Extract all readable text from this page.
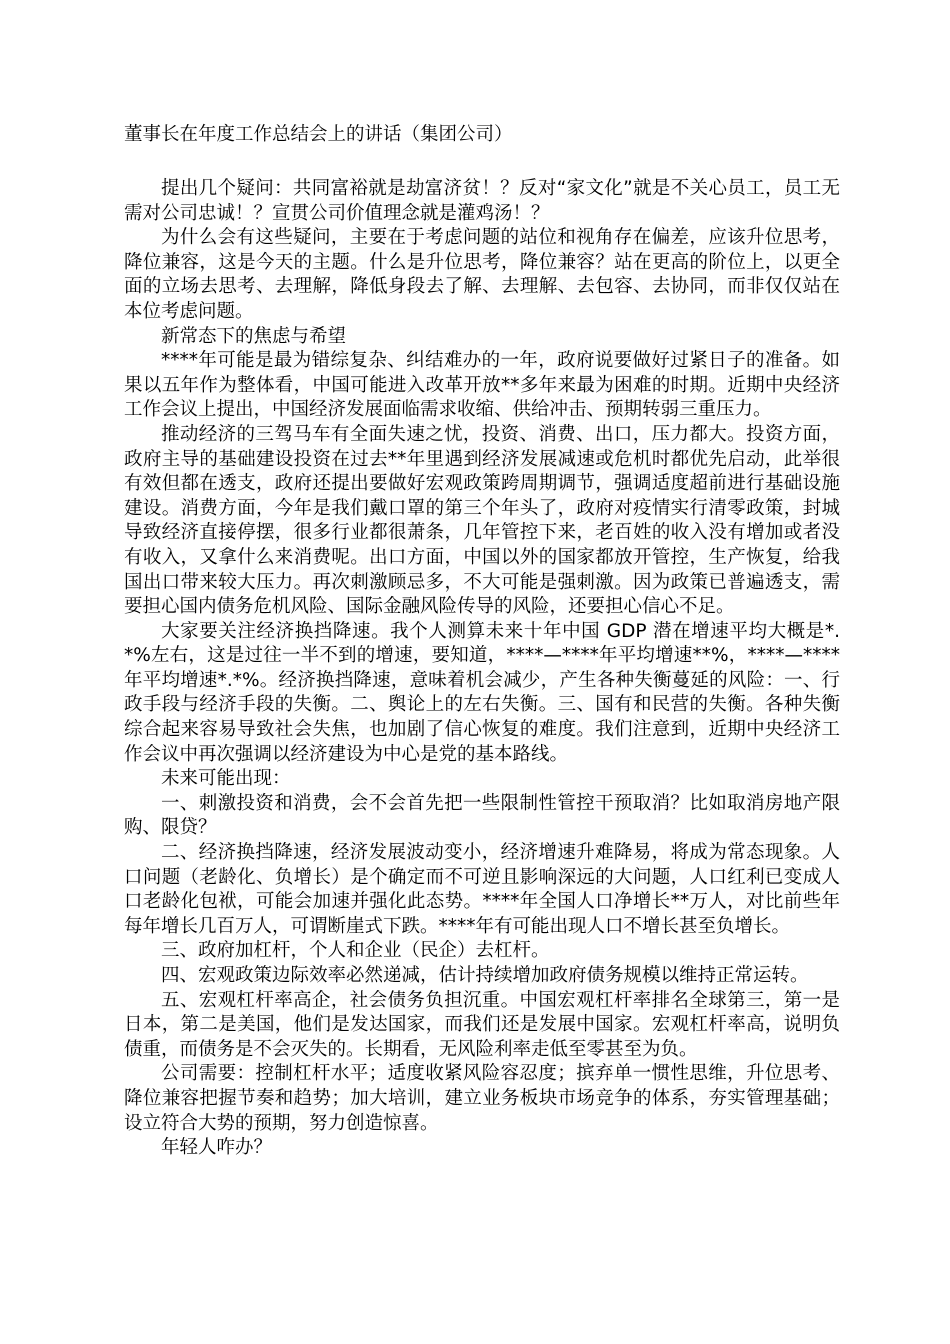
董事长在年度工作总结会上的讲话（集团公司）

提出几个疑问：共同富裕就是劫富济贫！？反对“家文化”就是不关心员工，员工无需对公司忠诚！？宣贯公司价值理念就是灌鸡汤！？

为什么会有这些疑问，主要在于考虑问题的站位和视角存在偏差，应该升位思考，降位兼容，这是今天的主题。什么是升位思考，降位兼容？站在更高的阶位上，以更全面的立场去思考、去理解，降低身段去了解、去理解、去包容、去协同，而非仅仅站在本位考虑问题。

新常态下的焦虑与希望

****年可能是最为错综复杂、纠结难办的一年，政府说要做好过紧日子的准备。如果以五年作为整体看，中国可能进入改革开放**多年来最为困难的时期。近期中央经济工作会议上提出，中国经济发展面临需求收缩、供给冲击、预期转弱三重压力。

推动经济的三驾马车有全面失速之忧，投资、消费、出口，压力都大。投资方面，政府主导的基础建设投资在过去**年里遇到经济发展减速或危机时都优先启动，此举很有效但都在透支，政府还提出要做好宏观政策跨周期调节，强调适度超前进行基础设施建设。消费方面，今年是我们戴口罩的第三个年头了，政府对疫情实行清零政策，封城导致经济直接停摆，很多行业都很萧条，几年管控下来，老百姓的收入没有增加或者没有收入，又拿什么来消费呢。出口方面，中国以外的国家都放开管控，生产恢复，给我国出口带来较大压力。再次刺激顾忌多，不大可能是强刺激。因为政策已普遍透支，需要担心国内债务危机风险、国际金融风险传导的风险，还要担心信心不足。

大家要关注经济换挡降速。我个人测算未来十年中国 GDP 潜在增速平均大概是*.*%左右，这是过往一半不到的增速，要知道，****—****年平均增速**%，****—****年平均增速*.*%。经济换挡降速，意味着机会减少，产生各种失衡蔓延的风险：一、行政手段与经济手段的失衡。二、舆论上的左右失衡。三、国有和民营的失衡。各种失衡综合起来容易导致社会失焦，也加剧了信心恢复的难度。我们注意到，近期中央经济工作会议中再次强调以经济建设为中心是党的基本路线。

未来可能出现：

一、刺激投资和消费，会不会首先把一些限制性管控干预取消？比如取消房地产限购、限贷？

二、经济换挡降速，经济发展波动变小，经济增速升难降易，将成为常态现象。人口问题（老龄化、负增长）是个确定而不可逆且影响深远的大问题，人口红利已变成人口老龄化包袱，可能会加速并强化此态势。****年全国人口净增长**万人，对比前些年每年增长几百万人，可谓断崖式下跌。****年有可能出现人口不增长甚至负增长。

三、政府加杠杆，个人和企业（民企）去杠杆。

四、宏观政策边际效率必然递减，估计持续增加政府债务规模以维持正常运转。

五、宏观杠杆率高企，社会债务负担沉重。中国宏观杠杆率排名全球第三，第一是日本，第二是美国，他们是发达国家，而我们还是发展中国家。宏观杠杆率高，说明负债重，而债务是不会灭失的。长期看，无风险利率走低至零甚至为负。

公司需要：控制杠杆水平；适度收紧风险容忍度；摈弃单一惯性思维，升位思考、降位兼容把握节奏和趋势；加大培训，建立业务板块市场竞争的体系，夯实管理基础；设立符合大势的预期，努力创造惊喜。

年轻人咋办？
